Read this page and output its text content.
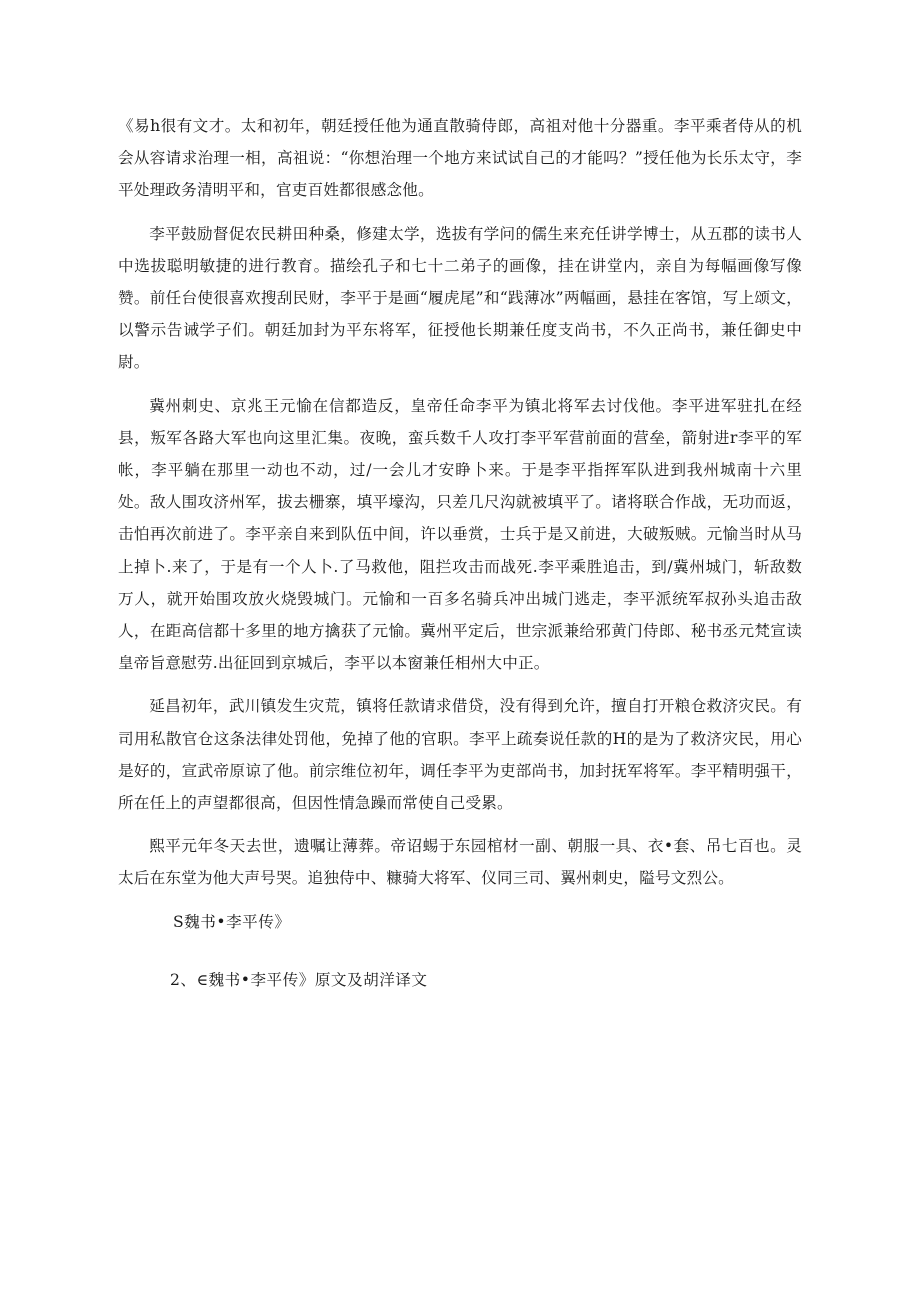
《易h很有文才。太和初年，朝廷授任他为通直散骑侍郎，高祖对他十分器重。李平乘者侍从的机会从容请求治理一相，高祖说：“你想治理一个地方来试试自己的才能吗？”授任他为长乐太守，李平处理政务清明平和，官吏百姓都很感念他。

李平鼓励督促农民耕田种桑，修建太学，选拔有学问的儒生来充任讲学博士，从五郡的读书人中选拔聪明敏捷的进行教育。描绘孔子和七十二弟子的画像，挂在讲堂内，亲自为每幅画像写像赞。前任台使很喜欢搜刮民财，李平于是画“履虎尾”和“践薄冰”两幅画，悬挂在客馆，写上颂文，以警示告诫学子们。朝廷加封为平东将军，征授他长期兼任度支尚书，不久正尚书，兼任御史中尉。

冀州刺史、京兆王元愉在信都造反，皇帝任命李平为镇北将军去讨伐他。李平进军驻扎在经县，叛军各路大军也向这里汇集。夜晚，蛮兵数千人攻打李平军营前面的营垒，箭射进r李平的军帐，李平躺在那里一动也不动，过/一会儿才安睁卜来。于是李平指挥军队进到我州城南十六里处。敌人围攻济州军，拔去栅寨，填平壕沟，只差几尺沟就被填平了。诸将联合作战，无功而返，击怕再次前进了。李平亲自来到队伍中间，许以垂赏，士兵于是又前进，大破叛贼。元愉当时从马上掉卜.来了，于是有一个人卜.了马救他，阻拦攻击而战死.李平乘胜追击，到/冀州城门，斩敌数万人，就开始围攻放火烧毁城门。元愉和一百多名骑兵冲出城门逃走，李平派统军叔孙头追击敌人，在距高信都十多里的地方擒获了元愉。冀州平定后，世宗派兼给邪黄门侍郎、秘书丞元梵宣读皇帝旨意慰劳.出征回到京城后，李平以本窗兼任相州大中正。

延昌初年，武川镇发生灾荒，镇将任款请求借贷，没有得到允许，擅自打开粮仓救济灾民。有司用私散官仓这条法律处罚他，免掉了他的官职。李平上疏奏说任款的H的是为了救济灾民，用心是好的，宣武帝原谅了他。前宗维位初年，调任李平为吏部尚书，加封抚军将军。李平精明强干，所在任上的声望都很高，但因性情急躁而常使自己受累。

熙平元年冬天去世，遗嘱让薄葬。帝诏蜴于东园棺材一副、朝服一具、衣•套、吊七百也。灵太后在东堂为他大声号哭。追独侍中、糠骑大将军、仪同三司、翼州刺史，隘号文烈公。

S魏书•李平传》

2、∈魏书•李平传》原文及胡洋译文
